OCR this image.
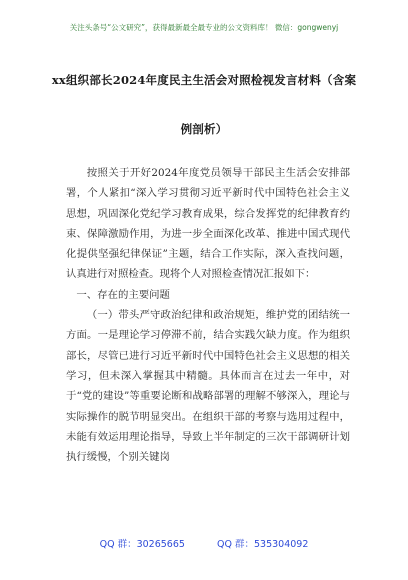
关注头条号“公文研究”，获得最新最全最专业的公文资料库！ 微信：gongwenyj
xx组织部长2024年度民主生活会对照检视发言材料（含案
例剖析）

按照关于开好2024年度党员领导干部民主生活会安排部署，个人紧扣“深入学习贯彻习近平新时代中国特色社会主义思想，巩固深化党纪学习教育成果，综合发挥党的纪律教育约束、保障激励作用，为进一步全面深化改革、推进中国式现代化提供坚强纪律保证”主题，结合工作实际，深入查找问题，认真进行对照检查。现将个人对照检查情况汇报如下：

一、存在的主要问题

（一）带头严守政治纪律和政治规矩，维护党的团结统一方面。一是理论学习停滞不前，结合实践欠缺力度。作为组织部长，尽管已进行习近平新时代中国特色社会主义思想的相关学习，但未深入掌握其中精髓。具体而言在过去一年中，对于“党的建设”等重要论断和战略部署的理解不够深入，理论与实际操作的脱节明显突出。在组织干部的考察与选用过程中，未能有效运用理论指导，导致上半年制定的三次干部调研计划执行缓慢，个别关键岗

QQ 群：30265665	QQ 群：535304092
